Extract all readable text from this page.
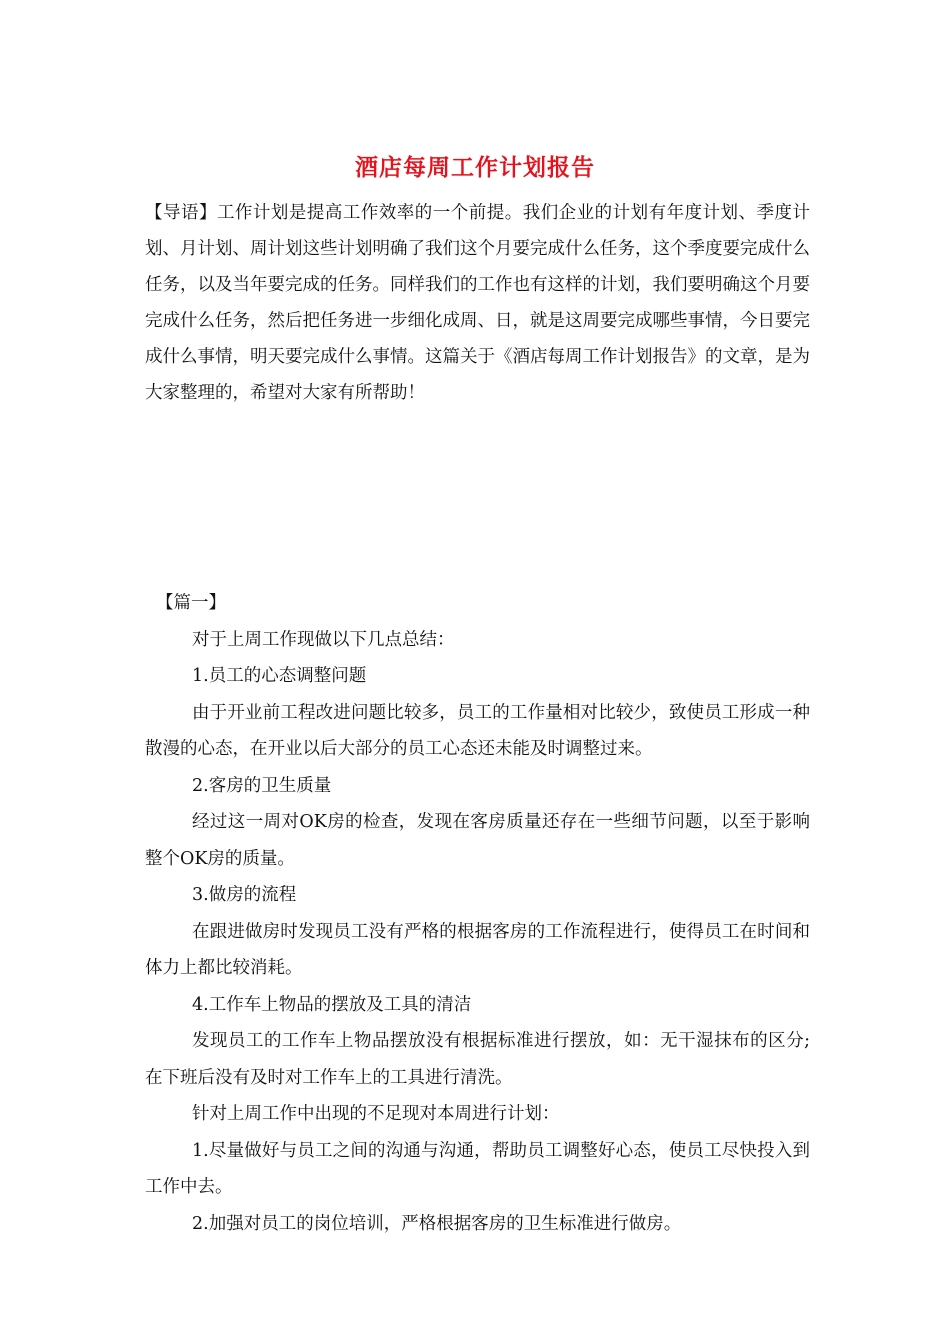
酒店每周工作计划报告
【导语】工作计划是提高工作效率的一个前提。我们企业的计划有年度计划、季度计划、月计划、周计划这些计划明确了我们这个月要完成什么任务，这个季度要完成什么任务，以及当年要完成的任务。同样我们的工作也有这样的计划，我们要明确这个月要完成什么任务，然后把任务进一步细化成周、日，就是这周要完成哪些事情，今日要完成什么事情，明天要完成什么事情。这篇关于《酒店每周工作计划报告》的文章，是为大家整理的，希望对大家有所帮助！

【篇一】

对于上周工作现做以下几点总结：

1.员工的心态调整问题

由于开业前工程改进问题比较多，员工的工作量相对比较少，致使员工形成一种散漫的心态，在开业以后大部分的员工心态还未能及时调整过来。

2.客房的卫生质量

经过这一周对OK房的检查，发现在客房质量还存在一些细节问题，以至于影响整个OK房的质量。

3.做房的流程

在跟进做房时发现员工没有严格的根据客房的工作流程进行，使得员工在时间和体力上都比较消耗。

4.工作车上物品的摆放及工具的清洁

发现员工的工作车上物品摆放没有根据标准进行摆放，如：无干湿抹布的区分;在下班后没有及时对工作车上的工具进行清洗。

针对上周工作中出现的不足现对本周进行计划：

1.尽量做好与员工之间的沟通与沟通，帮助员工调整好心态，使员工尽快投入到工作中去。

2.加强对员工的岗位培训，严格根据客房的卫生标准进行做房。
